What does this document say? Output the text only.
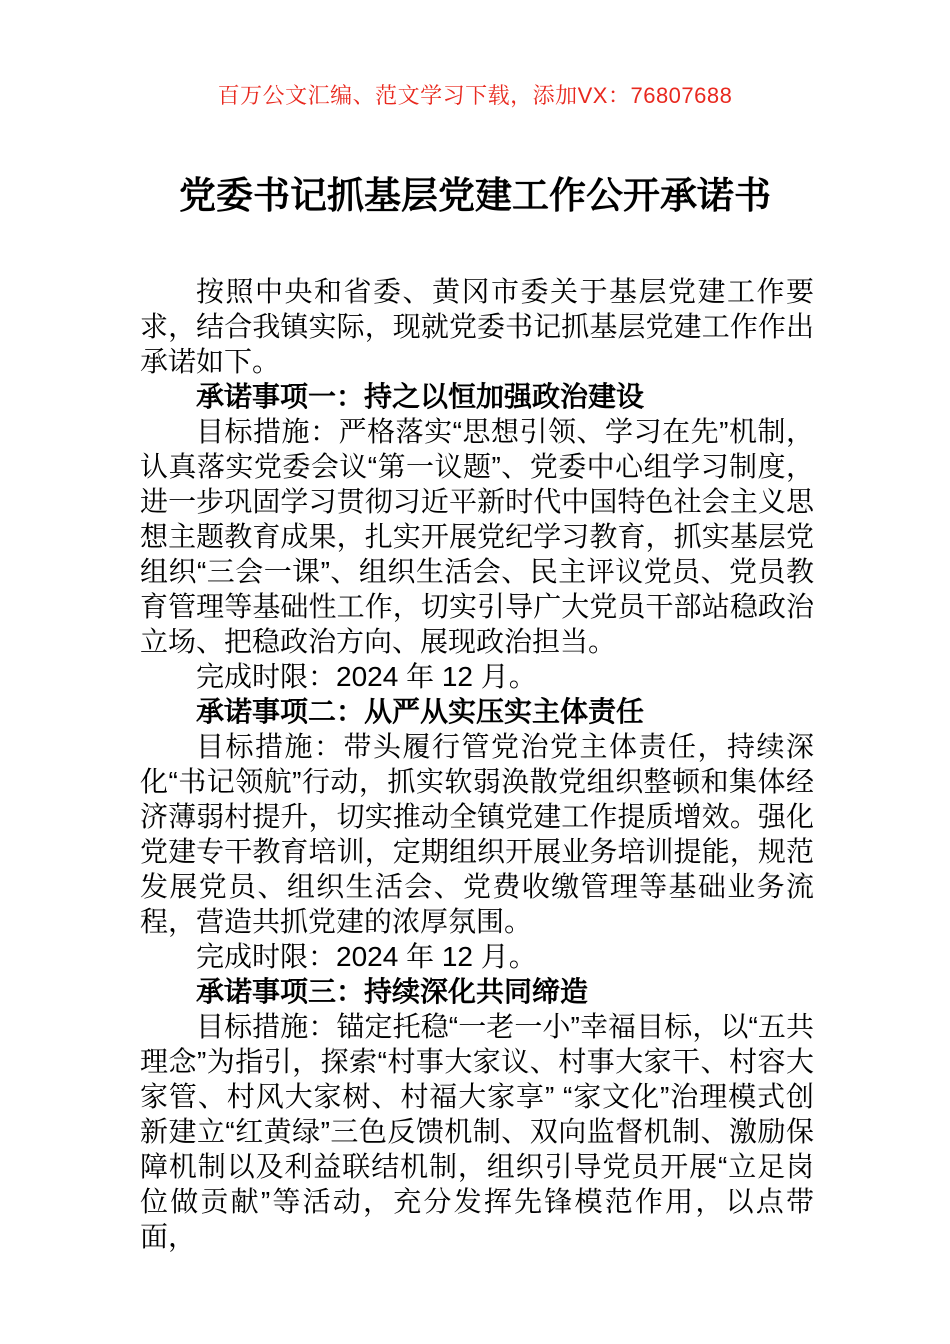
百万公文汇编、范文学习下载，添加VX：76807688
党委书记抓基层党建工作公开承诺书

按照中央和省委、黄冈市委关于基层党建工作要求，结合我镇实际，现就党委书记抓基层党建工作作出承诺如下。

承诺事项一：持之以恒加强政治建设

目标措施：严格落实“思想引领、学习在先”机制，认真落实党委会议“第一议题”、党委中心组学习制度，进一步巩固学习贯彻习近平新时代中国特色社会主义思想主题教育成果，扎实开展党纪学习教育，抓实基层党组织“三会一课”、组织生活会、民主评议党员、党员教育管理等基础性工作，切实引导广大党员干部站稳政治立场、把稳政治方向、展现政治担当。

完成时限：2024 年 12 月。

承诺事项二：从严从实压实主体责任

目标措施：带头履行管党治党主体责任，持续深化“书记领航”行动，抓实软弱涣散党组织整顿和集体经济薄弱村提升，切实推动全镇党建工作提质增效。强化党建专干教育培训，定期组织开展业务培训提能，规范发展党员、组织生活会、党费收缴管理等基础业务流程，营造共抓党建的浓厚氛围。

完成时限：2024 年 12 月。

承诺事项三：持续深化共同缔造

目标措施：锚定托稳“一老一小”幸福目标，以“五共理念”为指引，探索“村事大家议、村事大家干、村容大家管、村风大家树、村福大家享” “家文化”治理模式创新建立“红黄绿”三色反馈机制、双向监督机制、激励保障机制以及利益联结机制，组织引导党员开展“立足岗位做贡献”等活动，充分发挥先锋模范作用，以点带面，
